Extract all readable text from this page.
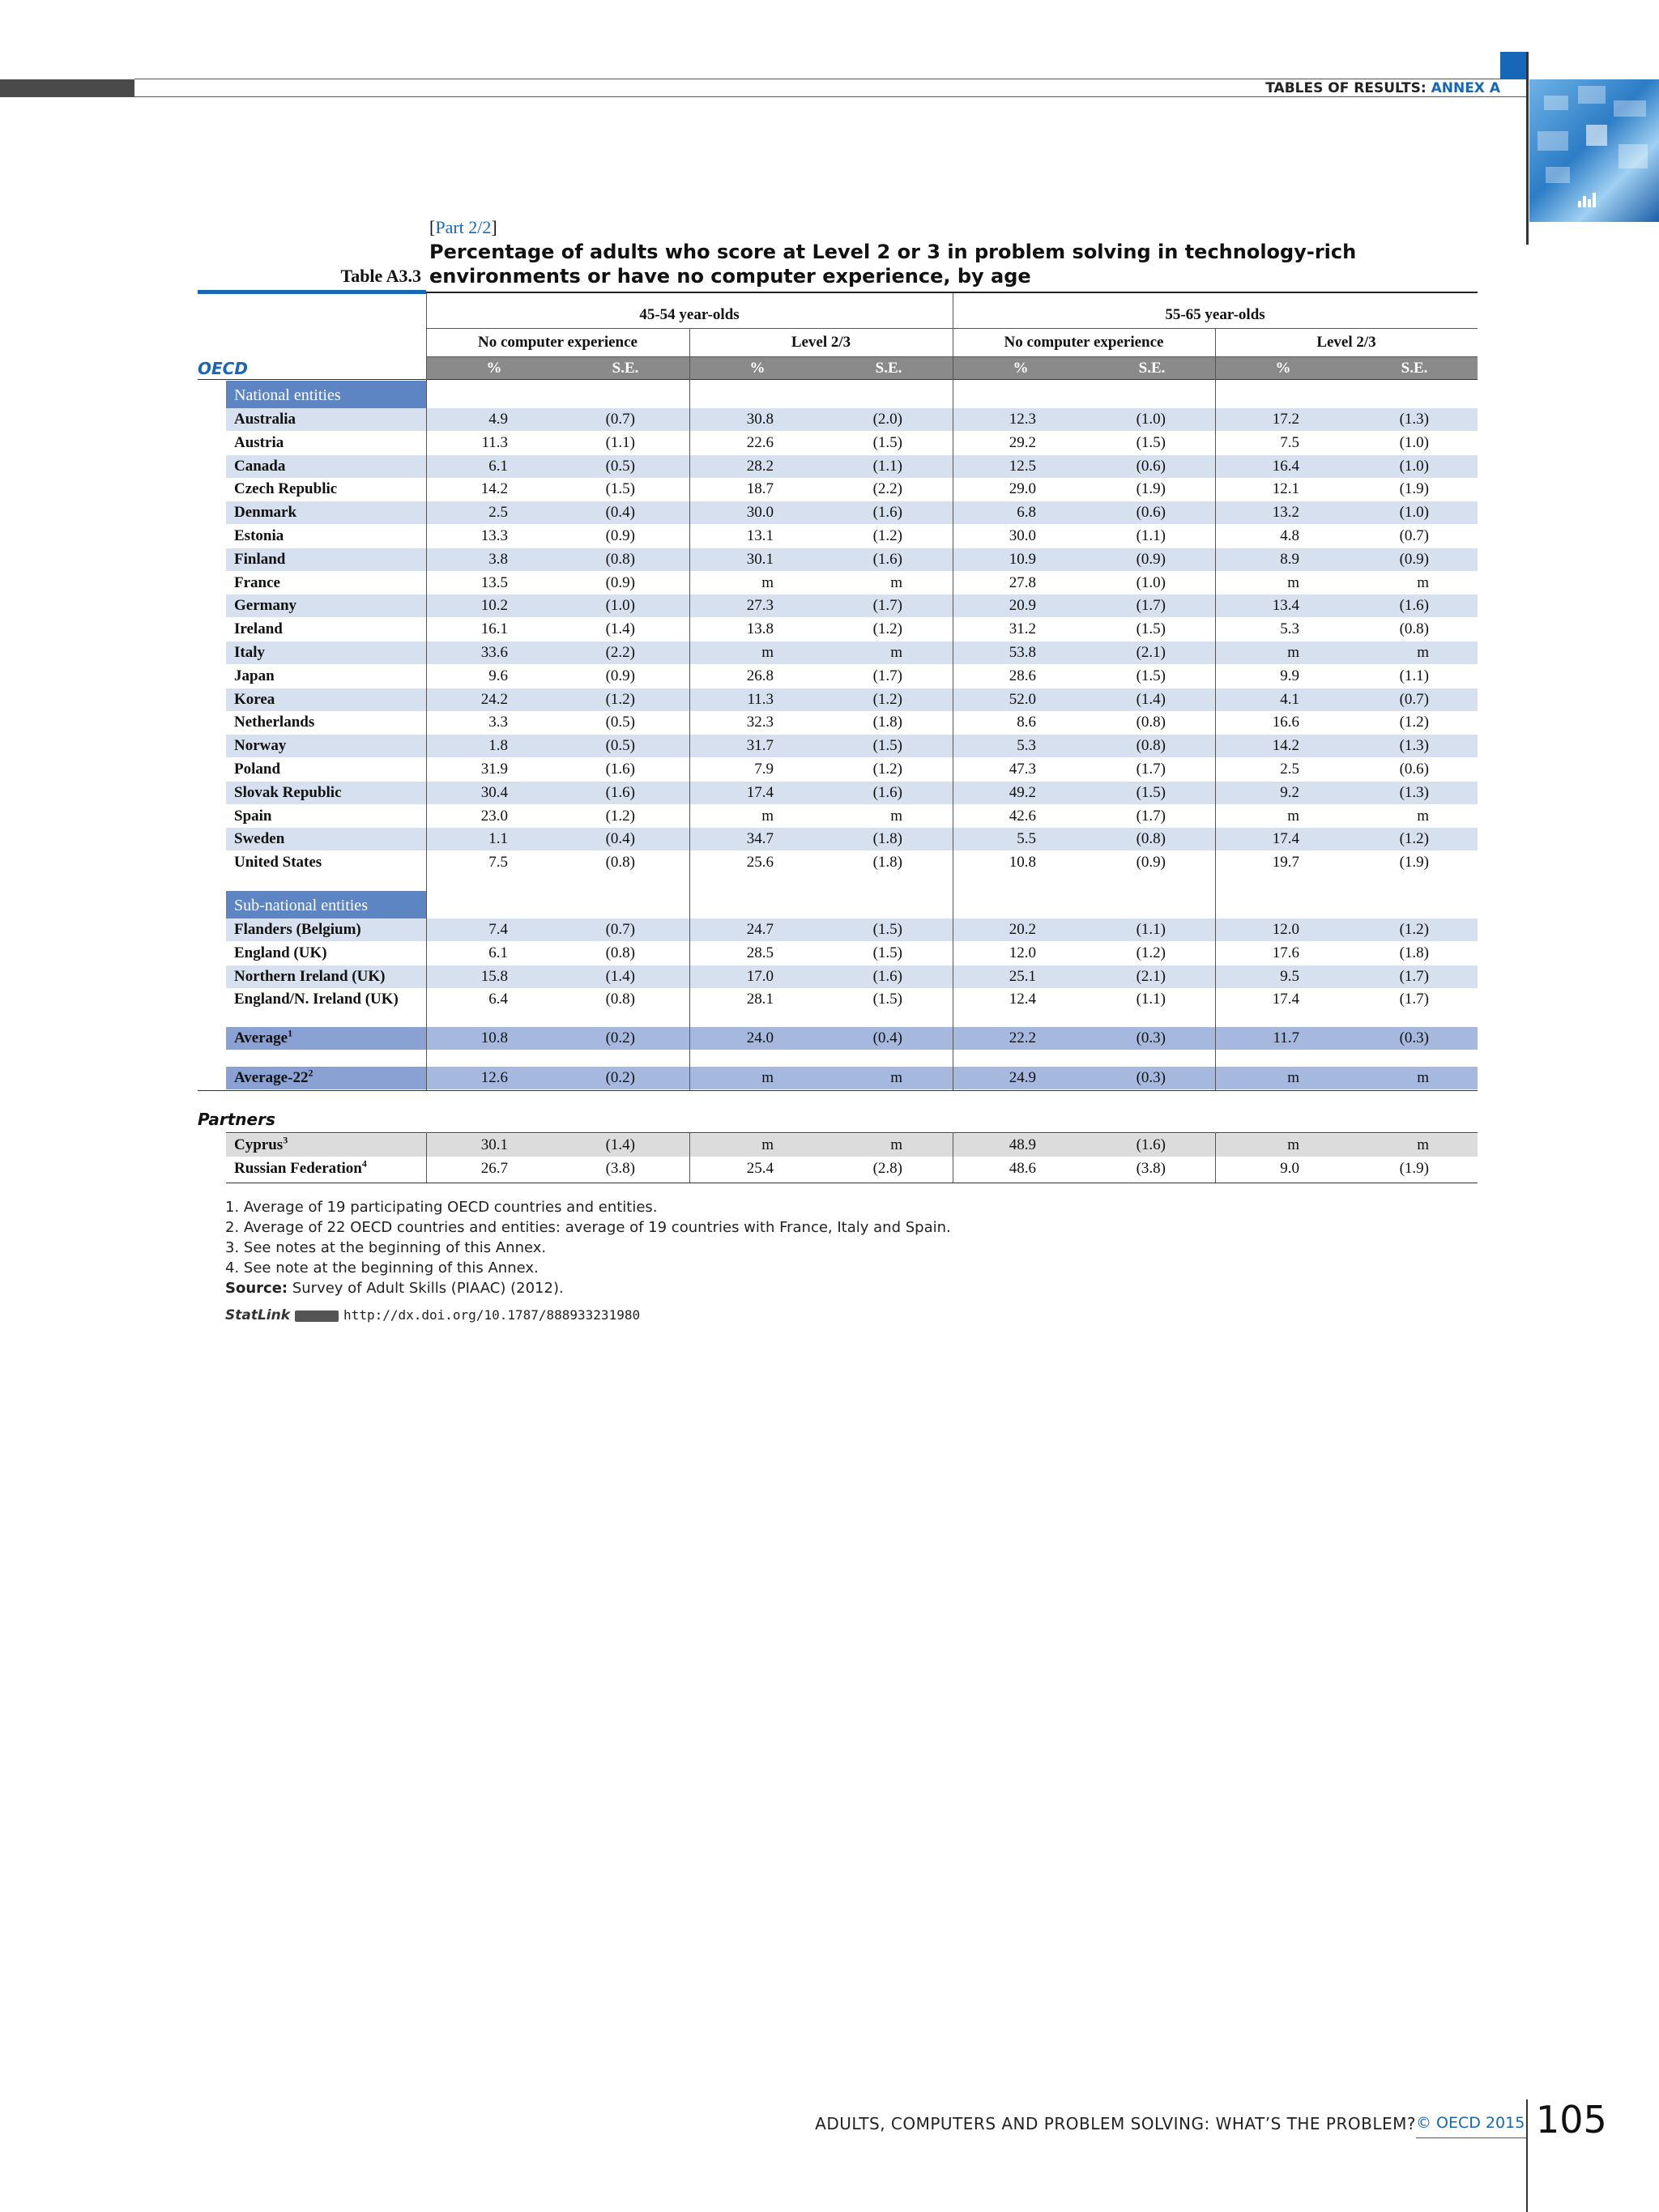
TABLES OF RESULTS: ANNEX A
[Part 2/2]
Percentage of adults who score at Level 2 or 3 in problem solving in technology-rich environments or have no computer experience, by age
Table A3.3
45-54 year-olds	55-65 year-olds
No computer experience	Level 2/3	No computer experience	Level 2/3
%	S.E.	%	S.E.	%	S.E.	%	S.E.
OECD
National entities
Australia	4.9	(0.7)	30.8	(2.0)	12.3	(1.0)	17.2	(1.3)
Austria	11.3	(1.1)	22.6	(1.5)	29.2	(1.5)	7.5	(1.0)
Canada	6.1	(0.5)	28.2	(1.1)	12.5	(0.6)	16.4	(1.0)
Czech Republic	14.2	(1.5)	18.7	(2.2)	29.0	(1.9)	12.1	(1.9)
Denmark	2.5	(0.4)	30.0	(1.6)	6.8	(0.6)	13.2	(1.0)
Estonia	13.3	(0.9)	13.1	(1.2)	30.0	(1.1)	4.8	(0.7)
Finland	3.8	(0.8)	30.1	(1.6)	10.9	(0.9)	8.9	(0.9)
France	13.5	(0.9)	m	m	27.8	(1.0)	m	m
Germany	10.2	(1.0)	27.3	(1.7)	20.9	(1.7)	13.4	(1.6)
Ireland	16.1	(1.4)	13.8	(1.2)	31.2	(1.5)	5.3	(0.8)
Italy	33.6	(2.2)	m	m	53.8	(2.1)	m	m
Japan	9.6	(0.9)	26.8	(1.7)	28.6	(1.5)	9.9	(1.1)
Korea	24.2	(1.2)	11.3	(1.2)	52.0	(1.4)	4.1	(0.7)
Netherlands	3.3	(0.5)	32.3	(1.8)	8.6	(0.8)	16.6	(1.2)
Norway	1.8	(0.5)	31.7	(1.5)	5.3	(0.8)	14.2	(1.3)
Poland	31.9	(1.6)	7.9	(1.2)	47.3	(1.7)	2.5	(0.6)
Slovak Republic	30.4	(1.6)	17.4	(1.6)	49.2	(1.5)	9.2	(1.3)
Spain	23.0	(1.2)	m	m	42.6	(1.7)	m	m
Sweden	1.1	(0.4)	34.7	(1.8)	5.5	(0.8)	17.4	(1.2)
United States	7.5	(0.8)	25.6	(1.8)	10.8	(0.9)	19.7	(1.9)
Sub-national entities
Flanders (Belgium)	7.4	(0.7)	24.7	(1.5)	20.2	(1.1)	12.0	(1.2)
England (UK)	6.1	(0.8)	28.5	(1.5)	12.0	(1.2)	17.6	(1.8)
Northern Ireland (UK)	15.8	(1.4)	17.0	(1.6)	25.1	(2.1)	9.5	(1.7)
England/N. Ireland (UK)	6.4	(0.8)	28.1	(1.5)	12.4	(1.1)	17.4	(1.7)
Average$^1$	10.8	(0.2)	24.0	(0.4)	22.2	(0.3)	11.7	(0.3)
Average-$22^2$	12.6	(0.2)	m	m	24.9	(0.3)	m	m
Cyprus$^3$	30.1	(1.4)	m	m	48.9	(1.6)	m	m
Russian Federation$^4$	26.7	(3.8)	25.4	(2.8)	48.6	(3.8)	9.0	(1.9)
Partners
1. Average of 19 participating OECD countries and entities.
2. Average of 22 OECD countries and entities: average of 19 countries with France, Italy and Spain.
3. See notes at the beginning of this Annex.
4. See note at the beginning of this Annex.
Source: Survey of Adult Skills (PIAAC) (2012).
StatLink	http://dx.doi.org/10.1787/888933231980
ADULTS, COMPUTERS AND PROBLEM SOLVING: WHAT’S THE PROBLEM? © OECD 2015 105
